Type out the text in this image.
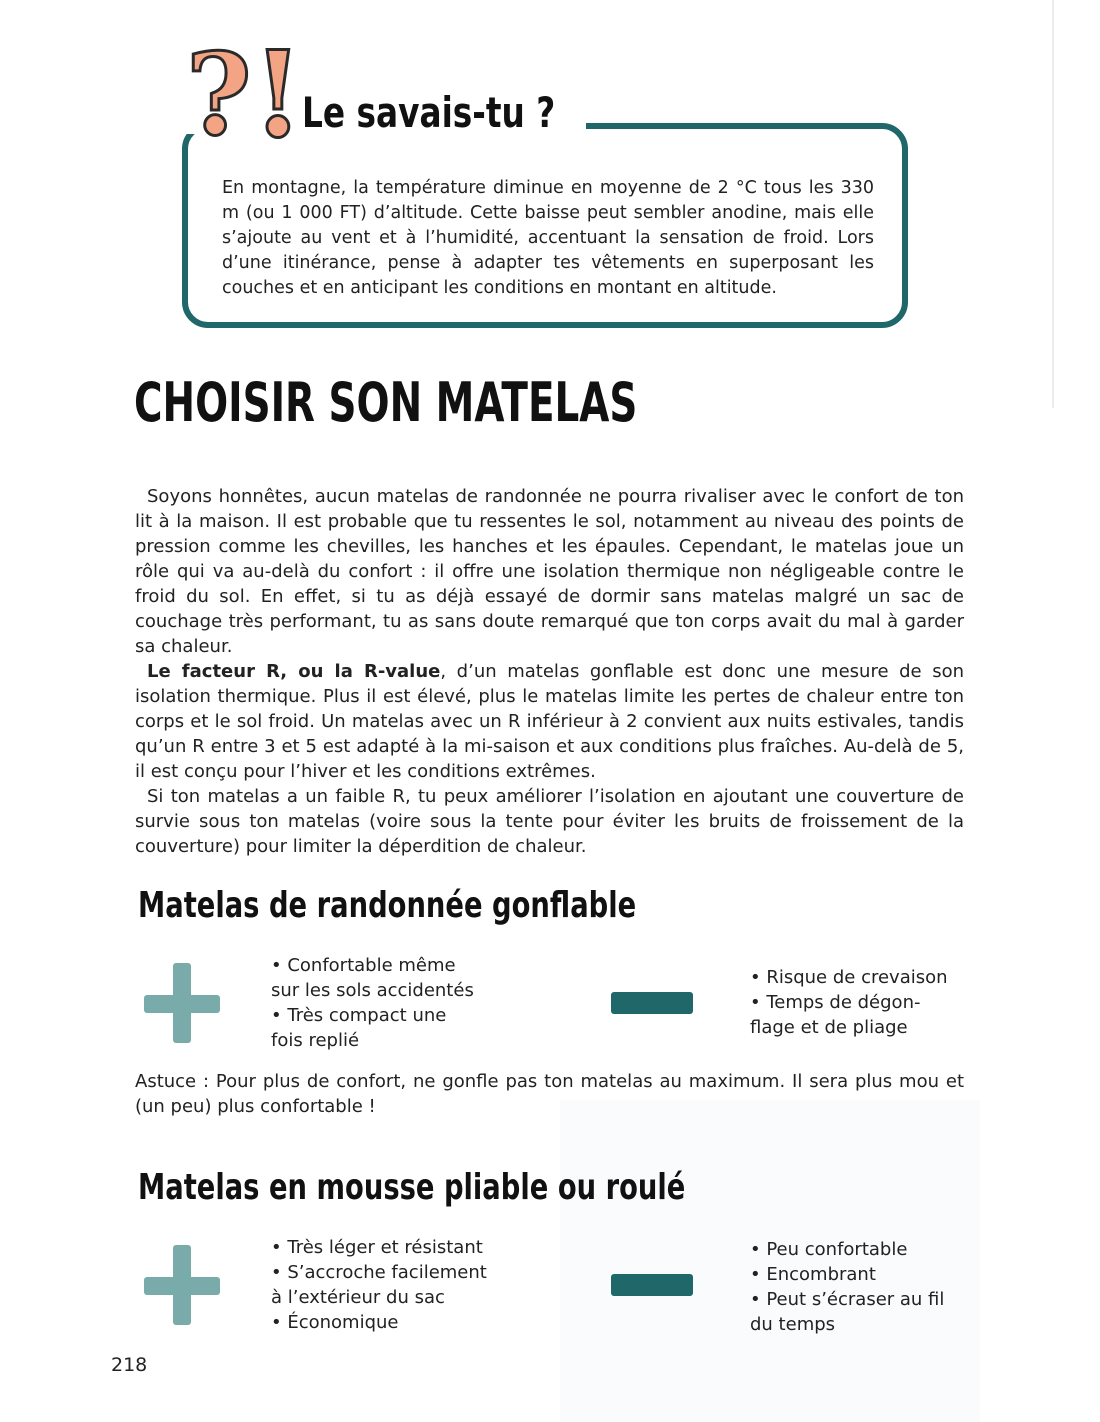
? !
Le savais-tu ?

En montagne, la température diminue en moyenne de 2 °C tous les 330 m (ou 1 000 FT) d’altitude. Cette baisse peut sembler anodine, mais elle s’ajoute au vent et à l’humidité, accentuant la sensation de froid. Lors d’une itinérance, pense à adapter tes vêtements en superposant les couches et en anticipant les conditions en montant en altitude.

CHOISIR SON MATELAS

Soyons honnêtes, aucun matelas de randonnée ne pourra rivaliser avec le confort de ton lit à la maison. Il est probable que tu ressentes le sol, notamment au niveau des points de pression comme les chevilles, les hanches et les épaules. Cependant, le matelas joue un rôle qui va au-delà du confort : il offre une isolation thermique non négligeable contre le froid du sol. En effet, si tu as déjà essayé de dormir sans matelas malgré un sac de couchage très performant, tu as sans doute remarqué que ton corps avait du mal à garder sa chaleur.

Le facteur R, ou la R-value, d’un matelas gonflable est donc une mesure de son isolation thermique. Plus il est élevé, plus le matelas limite les pertes de chaleur entre ton corps et le sol froid. Un matelas avec un R inférieur à 2 convient aux nuits estivales, tandis qu’un R entre 3 et 5 est adapté à la mi-saison et aux conditions plus fraîches. Au-delà de 5, il est conçu pour l’hiver et les conditions extrêmes.

Si ton matelas a un faible R, tu peux améliorer l’isolation en ajoutant une couverture de survie sous ton matelas (voire sous la tente pour éviter les bruits de froissement de la couverture) pour limiter la déperdition de chaleur.

Matelas de randonnée gonflable
• Confortable même
sur les sols accidentés
• Très compact une
fois replié
• Risque de crevaison
• Temps de dégon-
flage et de pliage

Astuce : Pour plus de confort, ne gonfle pas ton matelas au maximum. Il sera plus mou et (un peu) plus confortable !

Matelas en mousse pliable ou roulé
• Très léger et résistant
• S’accroche facilement
à l’extérieur du sac
• Économique
• Peu confortable
• Encombrant
• Peut s’écraser au fil
du temps
218
